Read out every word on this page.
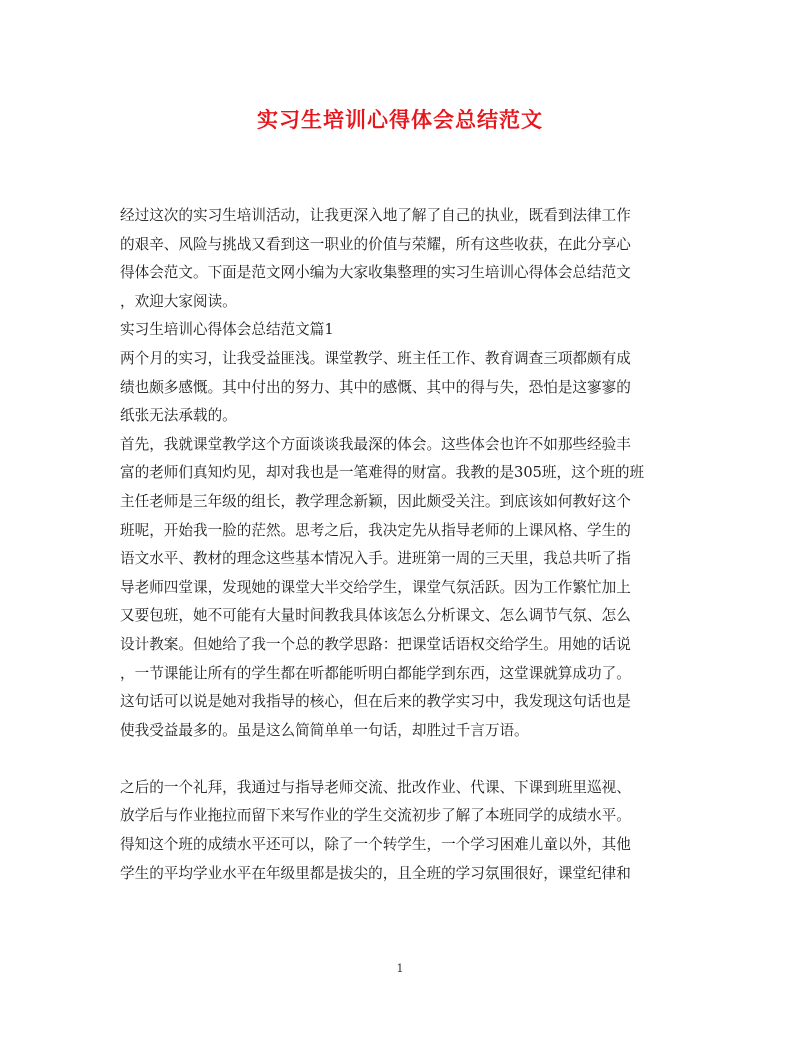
实习生培训心得体会总结范文
经过这次的实习生培训活动，让我更深入地了解了自己的执业，既看到法律工作
的艰辛、风险与挑战又看到这一职业的价值与荣耀，所有这些收获，在此分享心
得体会范文。下面是范文网小编为大家收集整理的实习生培训心得体会总结范文
，欢迎大家阅读。
实习生培训心得体会总结范文篇1
两个月的实习，让我受益匪浅。课堂教学、班主任工作、教育调查三项都颇有成
绩也颇多感慨。其中付出的努力、其中的感慨、其中的得与失，恐怕是这寥寥的
纸张无法承载的。
首先，我就课堂教学这个方面谈谈我最深的体会。这些体会也许不如那些经验丰
富的老师们真知灼见，却对我也是一笔难得的财富。我教的是305班，这个班的班
主任老师是三年级的组长，教学理念新颖，因此颇受关注。到底该如何教好这个
班呢，开始我一脸的茫然。思考之后，我决定先从指导老师的上课风格、学生的
语文水平、教材的理念这些基本情况入手。进班第一周的三天里，我总共听了指
导老师四堂课，发现她的课堂大半交给学生，课堂气氛活跃。因为工作繁忙加上
又要包班，她不可能有大量时间教我具体该怎么分析课文、怎么调节气氛、怎么
设计教案。但她给了我一个总的教学思路：把课堂话语权交给学生。用她的话说
，一节课能让所有的学生都在听都能听明白都能学到东西，这堂课就算成功了。
这句话可以说是她对我指导的核心，但在后来的教学实习中，我发现这句话也是
使我受益最多的。虽是这么简简单单一句话，却胜过千言万语。
之后的一个礼拜，我通过与指导老师交流、批改作业、代课、下课到班里巡视、
放学后与作业拖拉而留下来写作业的学生交流初步了解了本班同学的成绩水平。
得知这个班的成绩水平还可以，除了一个转学生，一个学习困难儿童以外，其他
学生的平均学业水平在年级里都是拔尖的，且全班的学习氛围很好，课堂纪律和
1
